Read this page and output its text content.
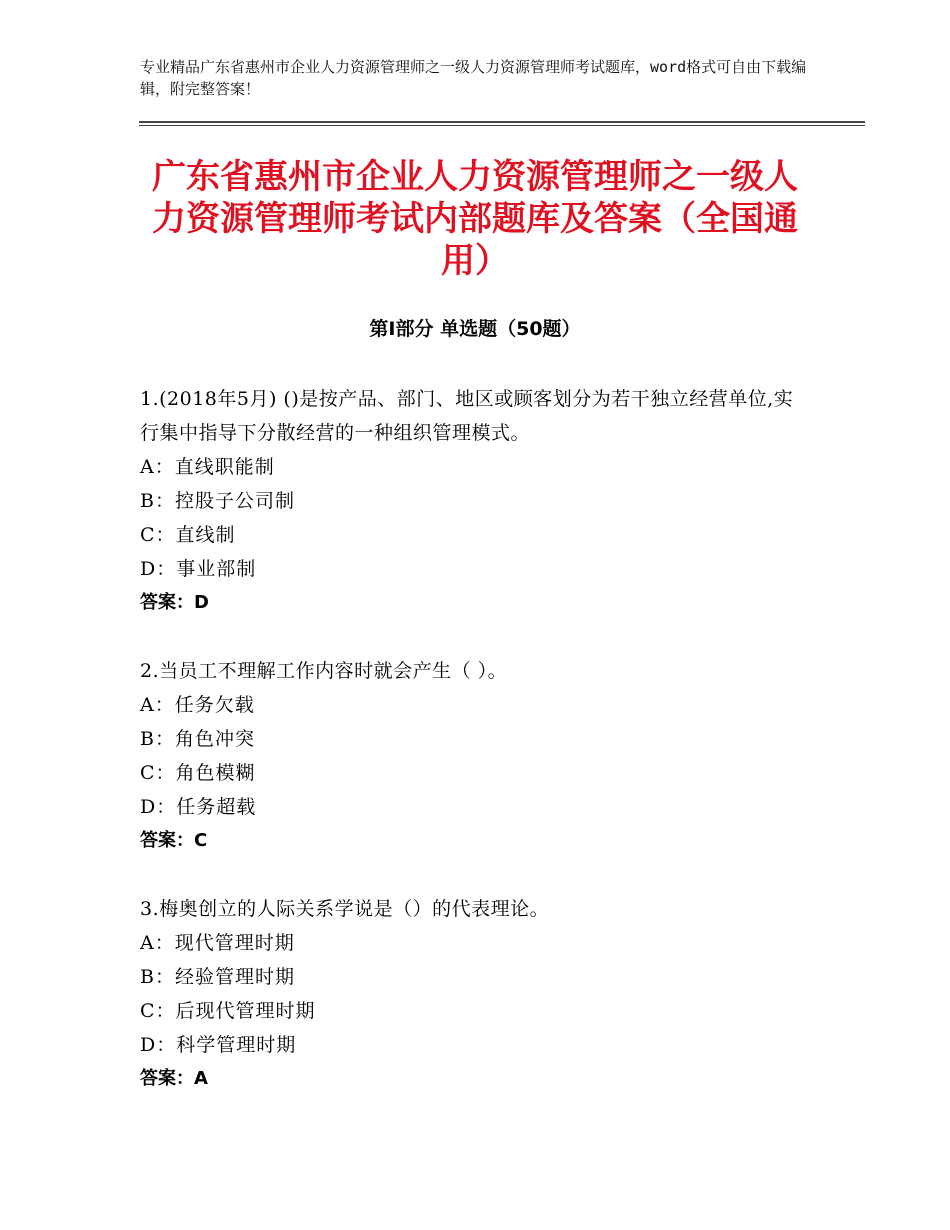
专业精品广东省惠州市企业人力资源管理师之一级人力资源管理师考试题库，word格式可自由下载编辑，附完整答案！
广东省惠州市企业人力资源管理师之一级人力资源管理师考试内部题库及答案（全国通用）
第Ⅰ部分 单选题（50题）
1.(2018年5月) ()是按产品、部门、地区或顾客划分为若干独立经营单位,实行集中指导下分散经营的一种组织管理模式。
A：直线职能制
B：控股子公司制
C：直线制
D：事业部制
答案：D
2.当员工不理解工作内容时就会产生（ ）。
A：任务欠载
B：角色冲突
C：角色模糊
D：任务超载
答案：C
3.梅奥创立的人际关系学说是（）的代表理论。
A：现代管理时期
B：经验管理时期
C：后现代管理时期
D：科学管理时期
答案：A
